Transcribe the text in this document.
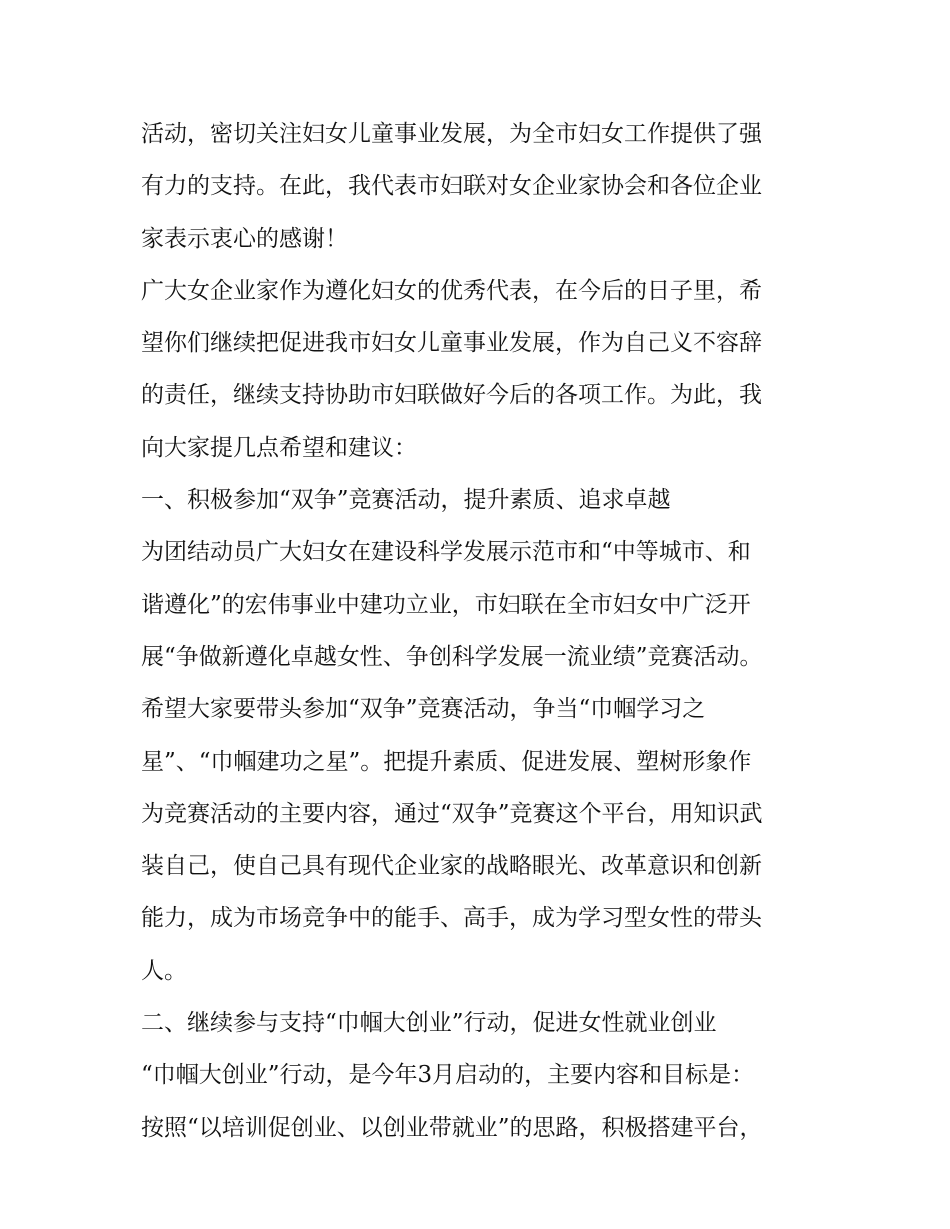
活动，密切关注妇女儿童事业发展，为全市妇女工作提供了强
有力的支持。在此，我代表市妇联对女企业家协会和各位企业
家表示衷心的感谢！
广大女企业家作为遵化妇女的优秀代表，在今后的日子里，希
望你们继续把促进我市妇女儿童事业发展，作为自己义不容辞
的责任，继续支持协助市妇联做好今后的各项工作。为此，我
向大家提几点希望和建议：
一、积极参加“双争”竞赛活动，提升素质、追求卓越
为团结动员广大妇女在建设科学发展示范市和“中等城市、和
谐遵化”的宏伟事业中建功立业，市妇联在全市妇女中广泛开
展“争做新遵化卓越女性、争创科学发展一流业绩”竞赛活动。
希望大家要带头参加“双争”竞赛活动，争当“巾帼学习之
星”、“巾帼建功之星”。把提升素质、促进发展、塑树形象作
为竞赛活动的主要内容，通过“双争”竞赛这个平台，用知识武
装自己，使自己具有现代企业家的战略眼光、改革意识和创新
能力，成为市场竞争中的能手、高手，成为学习型女性的带头
人。
二、继续参与支持“巾帼大创业”行动，促进女性就业创业
“巾帼大创业”行动，是今年3月启动的，主要内容和目标是：
按照“以培训促创业、以创业带就业”的思路，积极搭建平台，
